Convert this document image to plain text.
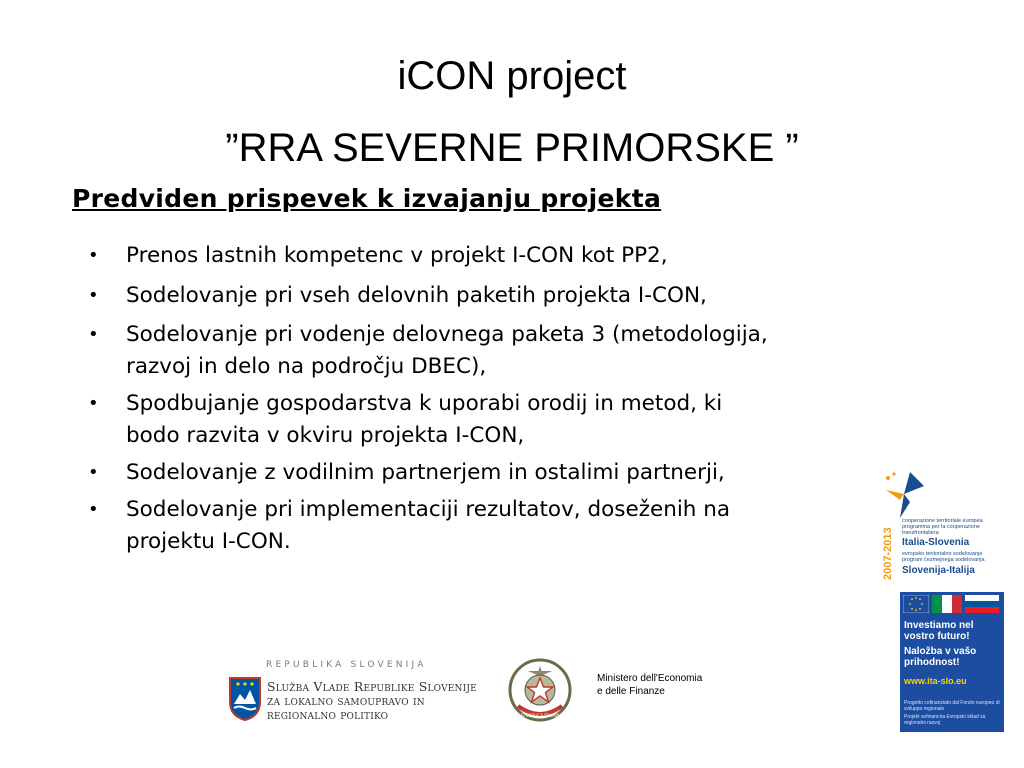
iCON project
”RRA SEVERNE PRIMORSKE ”
Predviden prispevek k izvajanju projekta
• Prenos lastnih kompetenc v projekt I-CON kot PP2,
• Sodelovanje pri vseh delovnih paketih projekta I-CON,
• Sodelovanje pri vodenje delovnega paketa 3 (metodologija, razvoj in delo na področju DBEC),
• Spodbujanje gospodarstva k uporabi orodij in metod, ki bodo razvita v okviru projekta I-CON,
• Sodelovanje z vodilnim partnerjem in ostalimi partnerji,
• Sodelovanje pri implementaciji rezultatov, doseženih na projektu I-CON.
REPUBLIKA SLOVENIJA
Služba Vlade Republike Slovenije
za lokalno samoupravo in
regionalno politiko	REPUBBLICA ITALIANA
Ministero dell'Economia
e delle Finanze
2007-2013
cooperazione territoriale europea
programma per la cooperazione
transfrontaliera
Italia-Slovenia
evropsko teritorialno sodelovanje
program čezmejnega sodelovanja
Slovenija-Italija
Investiamo nel
vostro futuro!
Naložba v vašo
prihodnost!
www.ita-slo.eu
Progetto cofinanziato dal Fondo europeo di sviluppo regionale
Projekt sofinancira Evropski sklad za regionalni razvoj
